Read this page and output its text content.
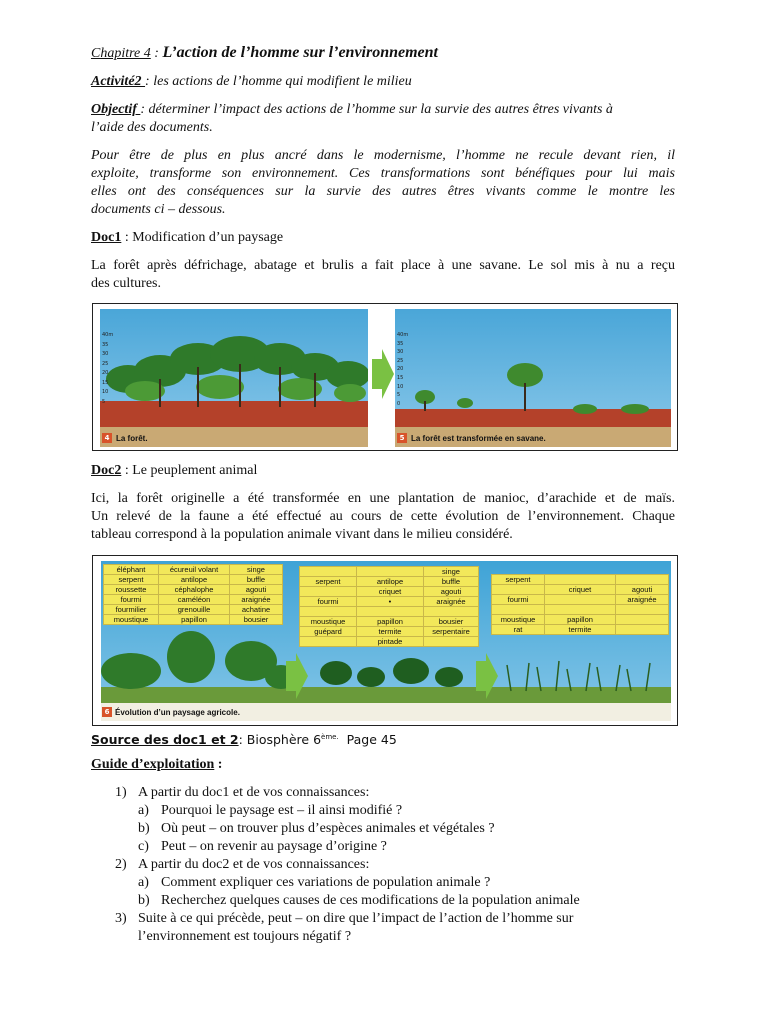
Chapitre 4 : L’action de l’homme sur l’environnement
Activité2 : les actions de l’homme qui modifient le milieu
Objectif : déterminer l’impact des actions de l’homme sur la survie des autres êtres vivants à
l’aide des documents.
Pour être de plus en plus ancré dans le modernisme, l’homme ne recule devant rien, il
exploite, transforme son environnement. Ces transformations sont bénéfiques pour lui mais
elles ont des conséquences sur la survie des autres êtres vivants comme le montre les
documents ci – dessous.
Doc1 : Modification d’un paysage
La forêt après défrichage, abatage et brulis a fait place à une savane. Le sol mis à nu a reçu
des cultures.
40m
35
30
25
20
15
10
5
4 La forêt.
40m
35
30
25
20
15
10
5
0
5 La forêt est transformée en savane.
Doc2 : Le peuplement animal
Ici, la forêt originelle a été transformée en une plantation de manioc, d’arachide et de maïs.
Un relevé de la faune a été effectué au cours de cette évolution de l’environnement. Chaque
tableau correspond à la population animale vivant dans le milieu considéré.
6 Évolution d’un paysage agricole.
éléphant	écureuil volant	singe
serpent	antilope	buffle
roussette	céphalophe	agouti
fourmi	caméléon	araignée
fourmilier	grenouille	achatine
moustique	papillon	bousier
		singe
serpent	antilope	buffle
	criquet	agouti
fourmi	•	araignée

moustique	papillon	bousier
guépard	termite	serpentaire
	pintade	
serpent		
	criquet	agouti
fourmi		araignée

moustique	papillon	
rat	termite	
Source des doc1 et 2: Biosphère $6^{ème.}$  Page 45
Guide d’exploitation :
1) A partir du doc1 et de vos connaissances:
a) Pourquoi le paysage est – il ainsi modifié ?
b) Où peut – on trouver plus d’espèces animales et végétales ?
c) Peut – on revenir au paysage d’origine ?
2) A partir du doc2 et de vos connaissances:
a) Comment expliquer ces variations de population animale ?
b) Recherchez quelques causes de ces modifications de la population animale
3) Suite à ce qui précède, peut – on dire que l’impact de l’action de l’homme sur
l’environnement est toujours négatif ?
